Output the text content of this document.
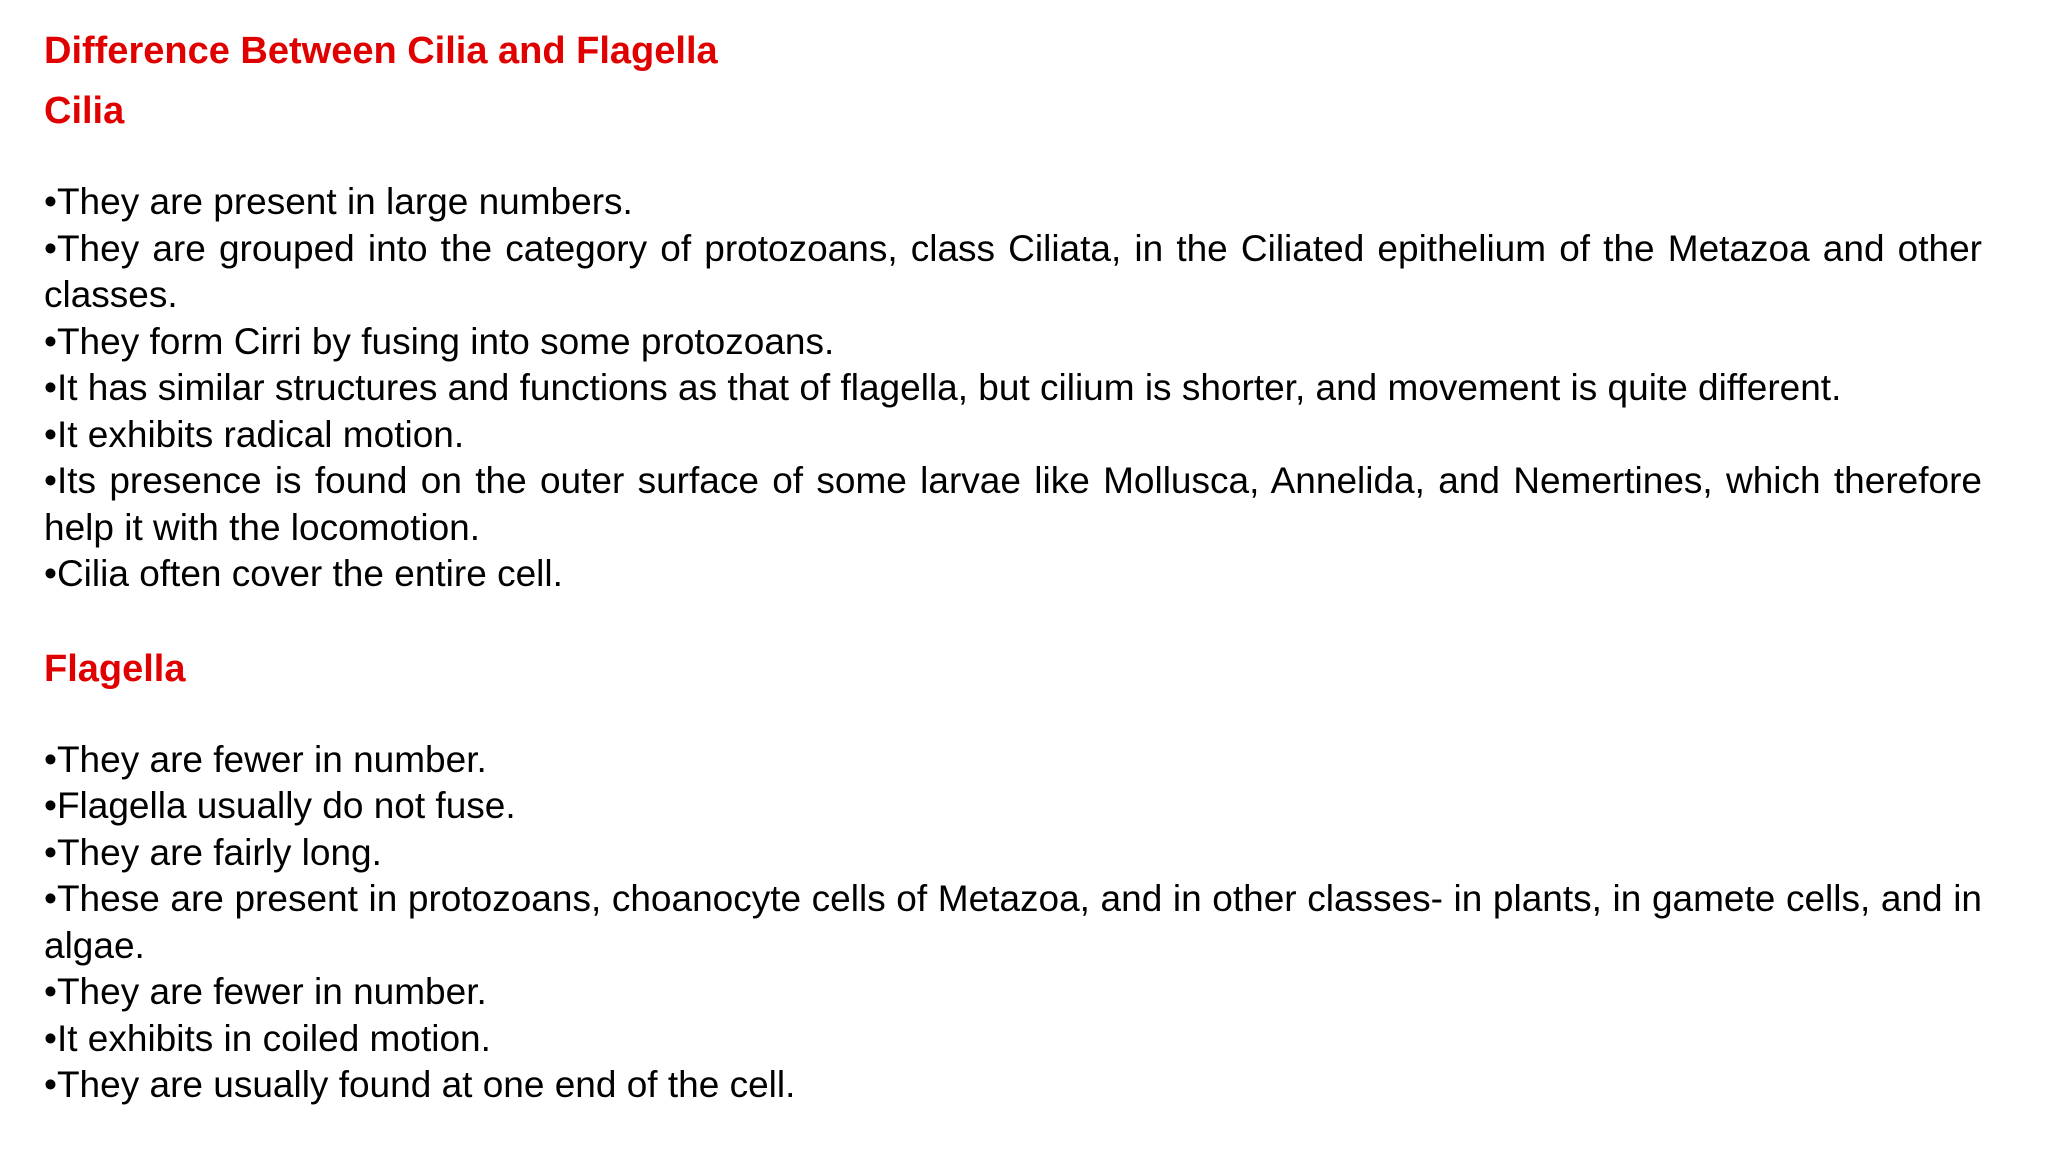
Difference Between Cilia and Flagella
Cilia
•They are present in large numbers.
•They are grouped into the category of protozoans, class Ciliata, in the Ciliated epithelium of the Metazoa and other classes.
•They form Cirri by fusing into some protozoans.
•It has similar structures and functions as that of flagella, but cilium is shorter, and movement is quite different.
•It exhibits radical motion.
•Its presence is found on the outer surface of some larvae like Mollusca, Annelida, and Nemertines, which therefore help it with the locomotion.
•Cilia often cover the entire cell.
Flagella
•They are fewer in number.
•Flagella usually do not fuse.
•They are fairly long.
•These are present in protozoans, choanocyte cells of Metazoa, and in other classes- in plants, in gamete cells, and in algae.
•They are fewer in number.
•It exhibits in coiled motion.
•They are usually found at one end of the cell.
